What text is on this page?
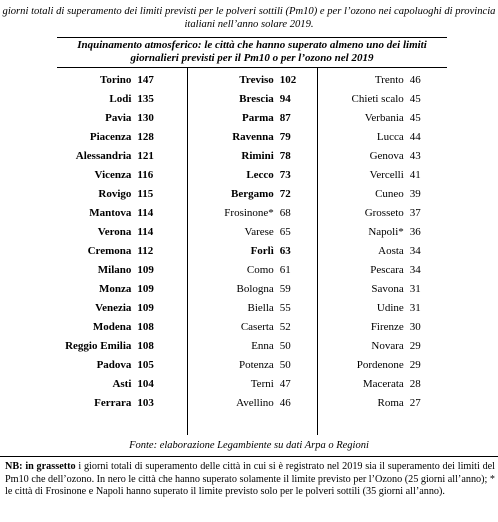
giorni totali di superamento dei limiti previsti per le polveri sottili (Pm10) e per l’ozono nei capoluoghi di provincia italiani nell’anno solare 2019.
Inquinamento atmosferico: le città che hanno superato almeno uno dei limiti giornalieri previsti per il Pm10 o per l’ozono nel 2019
Torino 147	Treviso 102	Trento 46
Lodi 135	Brescia 94	Chieti scalo 45
Pavia 130	Parma 87	Verbania 45
Piacenza 128	Ravenna 79	Lucca 44
Alessandria 121	Rimini 78	Genova 43
Vicenza 116	Lecco 73	Vercelli 41
Rovigo 115	Bergamo 72	Cuneo 39
Mantova 114	Frosinone* 68	Grosseto 37
Verona 114	Varese 65	Napoli* 36
Cremona 112	Forlì 63	Aosta 34
Milano 109	Como 61	Pescara 34
Monza 109	Bologna 59	Savona 31
Venezia 109	Biella 55	Udine 31
Modena 108	Caserta 52	Firenze 30
Reggio Emilia 108	Enna 50	Novara 29
Padova 105	Potenza 50	Pordenone 29
Asti 104	Terni 47	Macerata 28
Ferrara 103	Avellino 46	Roma 27
Fonte: elaborazione Legambiente su dati Arpa o Regioni
NB: in grassetto i giorni totali di superamento delle città in cui si è registrato nel 2019 sia il superamento dei limiti del Pm10 che dell’ozono. In nero le città che hanno superato solamente il limite previsto per l’Ozono (25 giorni all’anno); * le città di Frosinone e Napoli hanno superato il limite previsto solo per le polveri sottili (35 giorni all’anno).
